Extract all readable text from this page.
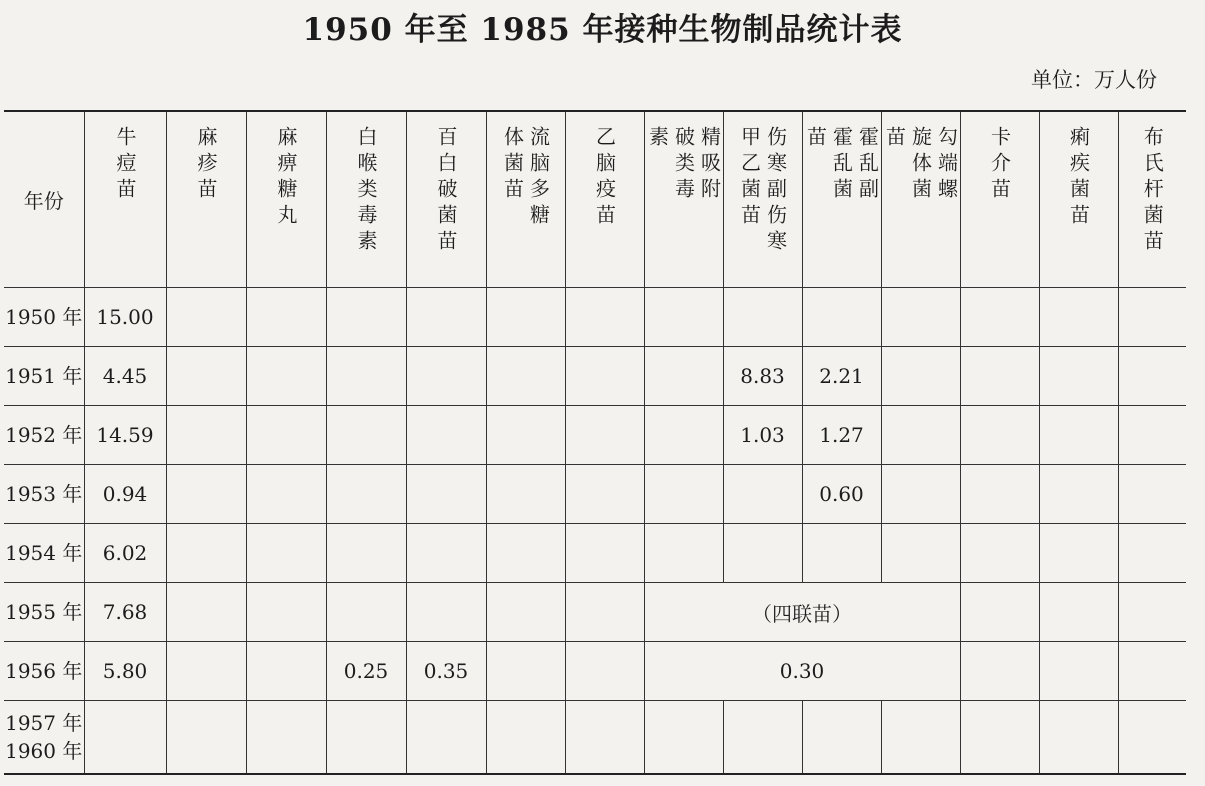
1950 年至 1985 年接种生物制品统计表
单位：万人份
年份	牛痘苗	麻疹苗	麻痹糖丸	白喉类毒素	百白破菌苗	流脑多糖体菌苗	乙脑疫苗	精吸附破类毒素	伤寒副伤寒甲乙菌苗	霍乱副霍乱菌苗	勾端螺旋体菌苗	卡介苗	痢疾菌苗	布氏杆菌苗
1950 年	15.00													
1951 年	4.45								8.83	2.21				
1952 年	14.59								1.03	1.27				
1953 年	0.94									0.60				
1954 年	6.02													
1955 年	7.68							（四联苗）						
1956 年	5.80			0.25	0.35			0.30						

1957 年
1960 年														
